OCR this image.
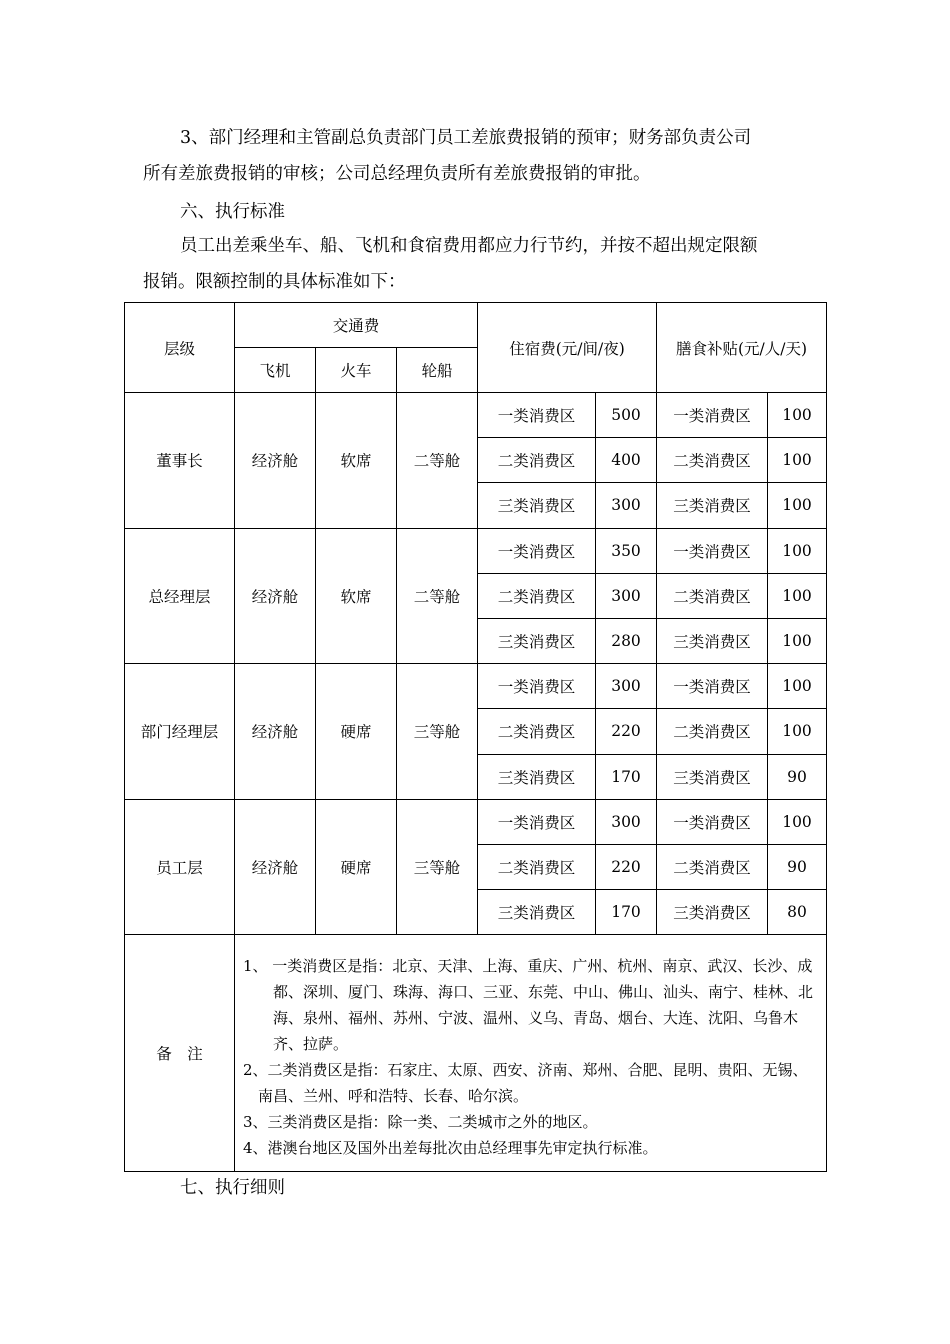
3、部门经理和主管副总负责部门员工差旅费报销的预审；财务部负责公司
所有差旅费报销的审核；公司总经理负责所有差旅费报销的审批。

六、执行标准

员工出差乘坐车、船、飞机和食宿费用都应力行节约，并按不超出规定限额
报销。限额控制的具体标准如下：

层级	交通费			住宿费(元/间/夜)		膳食补贴(元/人/天)	
	飞机	火车	轮船				
董事长	经济舱	软席	二等舱	一类消费区	500	一类消费区	100
				二类消费区	400	二类消费区	100
				三类消费区	300	三类消费区	100
总经理层	经济舱	软席	二等舱	一类消费区	350	一类消费区	100
				二类消费区	300	二类消费区	100
				三类消费区	280	三类消费区	100
部门经理层	经济舱	硬席	三等舱	一类消费区	300	一类消费区	100
				二类消费区	220	二类消费区	100
				三类消费区	170	三类消费区	90
员工层	经济舱	硬席	三等舱	一类消费区	300	一类消费区	100
				二类消费区	220	二类消费区	90
				三类消费区	170	三类消费区	80
备　注	1、 一类消费区是指：北京、天津、上海、重庆、广州、杭州、南京、武汉、长沙、成都、深圳、厦门、珠海、海口、三亚、东莞、中山、佛山、汕头、南宁、桂林、北海、泉州、福州、苏州、宁波、温州、义乌、青岛、烟台、大连、沈阳、乌鲁木齐、拉萨。
2、二类消费区是指：石家庄、太原、西安、济南、郑州、合肥、昆明、贵阳、无锡、南昌、兰州、呼和浩特、长春、哈尔滨。
3、三类消费区是指：除一类、二类城市之外的地区。
4、港澳台地区及国外出差每批次由总经理事先审定执行标准。						

七、执行细则
